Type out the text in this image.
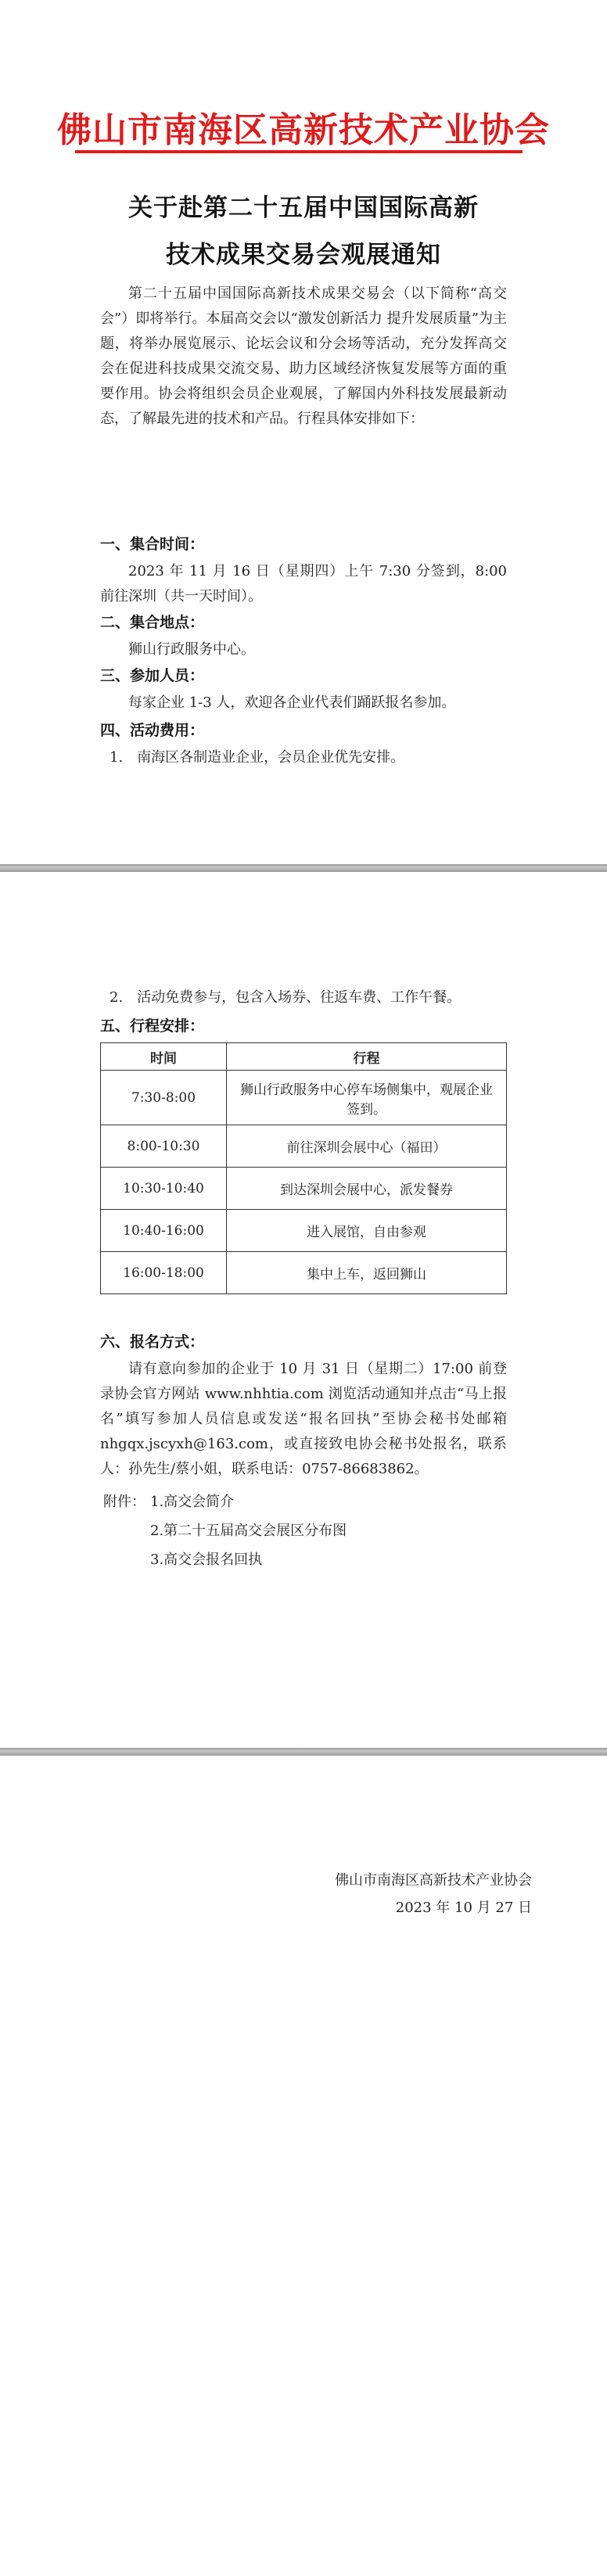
佛山市南海区高新技术产业协会
关于赴第二十五届中国国际高新
技术成果交易会观展通知

第二十五届中国国际高新技术成果交易会（以下简称“高交会”）即将举行。本届高交会以“激发创新活力 提升发展质量”为主题，将举办展览展示、论坛会议和分会场等活动，充分发挥高交会在促进科技成果交流交易、助力区域经济恢复发展等方面的重要作用。协会将组织会员企业观展，了解国内外科技发展最新动态，了解最先进的技术和产品。行程具体安排如下：

一、集合时间：

2023 年 11 月 16 日（星期四）上午 7:30 分签到，8:00 前往深圳（共一天时间）。

二、集合地点：
狮山行政服务中心。
三、参加人员：
每家企业 1-3 人，欢迎各企业代表们踊跃报名参加。
四、活动费用：
1.　南海区各制造业企业，会员企业优先安排。
2.　活动免费参与，包含入场券、往返车费、工作午餐。
五、行程安排：
时间	行程
7:30-8:00	狮山行政服务中心停车场侧集中，观展企业签到。
8:00-10:30	前往深圳会展中心（福田）
10:30-10:40	到达深圳会展中心，派发餐券
10:40-16:00	进入展馆，自由参观
16:00-18:00	集中上车，返回狮山
六、报名方式：

请有意向参加的企业于 10 月 31 日（星期二）17:00 前登录协会官方网站 www.nhhtia.com 浏览活动通知并点击“马上报名”填写参加人员信息或发送“报名回执”至协会秘书处邮箱 nhgqx.jscyxh@163.com，或直接致电协会秘书处报名，联系人：孙先生/蔡小姐，联系电话：0757-86683862。

附件： 1.高交会简介
2.第二十五届高交会展区分布图
3.高交会报名回执
佛山市南海区高新技术产业协会
2023 年 10 月 27 日
